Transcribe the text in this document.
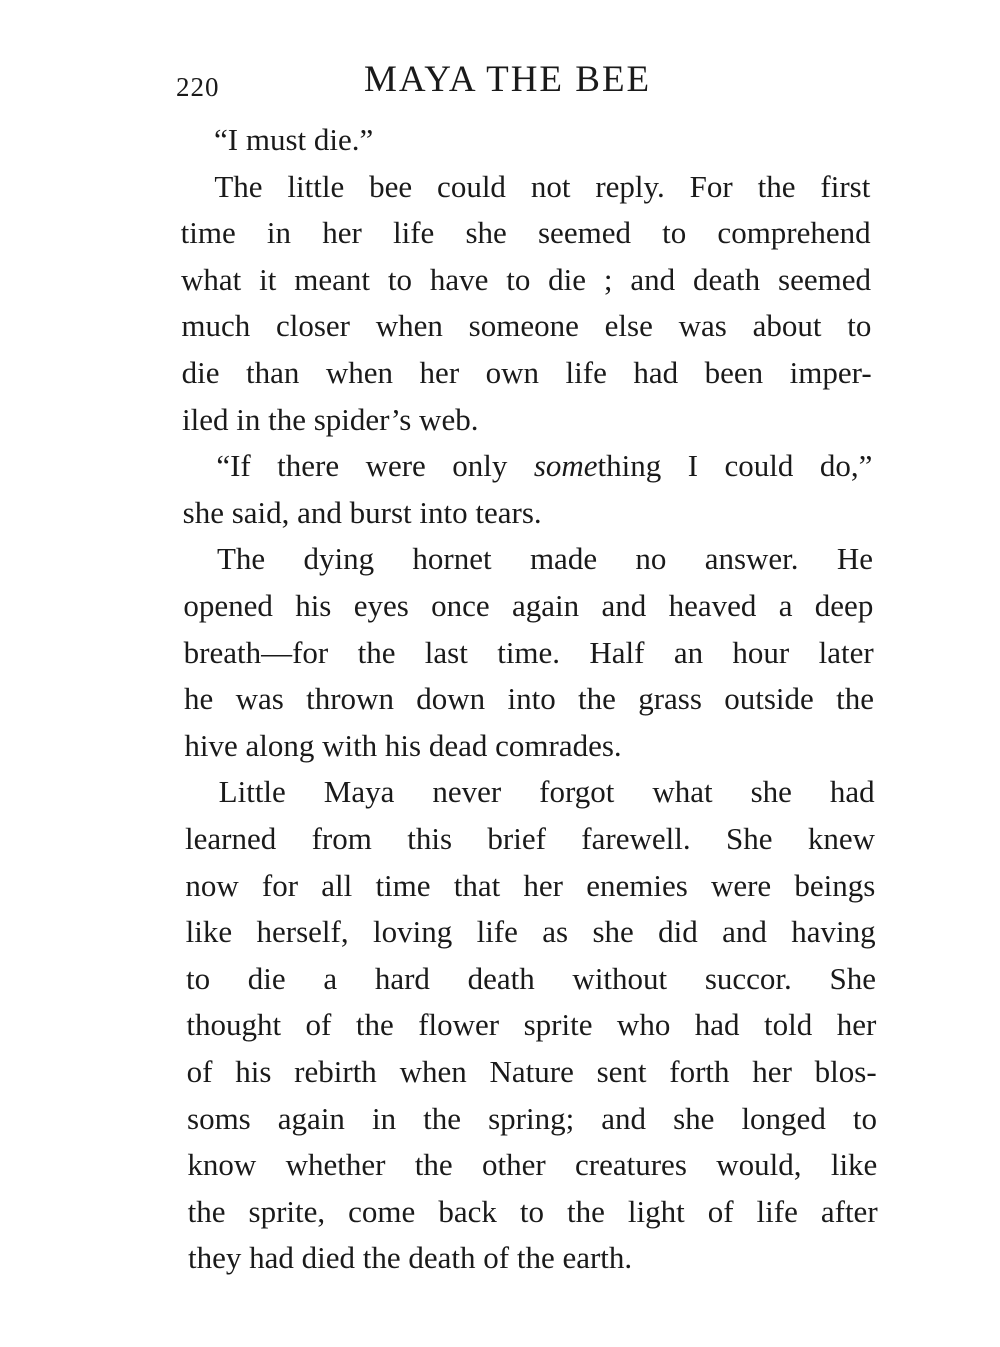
220	MAYA THE BEE
“I must die.”
The little bee could not reply. For the first
time in her life she seemed to comprehend
what it meant to have to die ; and death seemed
much closer when someone else was about to
die than when her own life had been imper-
iled in the spider’s web.
“If there were only something I could do,”
she said, and burst into tears.
The dying hornet made no answer. He
opened his eyes once again and heaved a deep
breath—for the last time. Half an hour later
he was thrown down into the grass outside the
hive along with his dead comrades.
Little Maya never forgot what she had
learned from this brief farewell. She knew
now for all time that her enemies were beings
like herself, loving life as she did and having
to die a hard death without succor. She
thought of the flower sprite who had told her
of his rebirth when Nature sent forth her blos-
soms again in the spring; and she longed to
know whether the other creatures would, like
the sprite, come back to the light of life after
they had died the death of the earth.
